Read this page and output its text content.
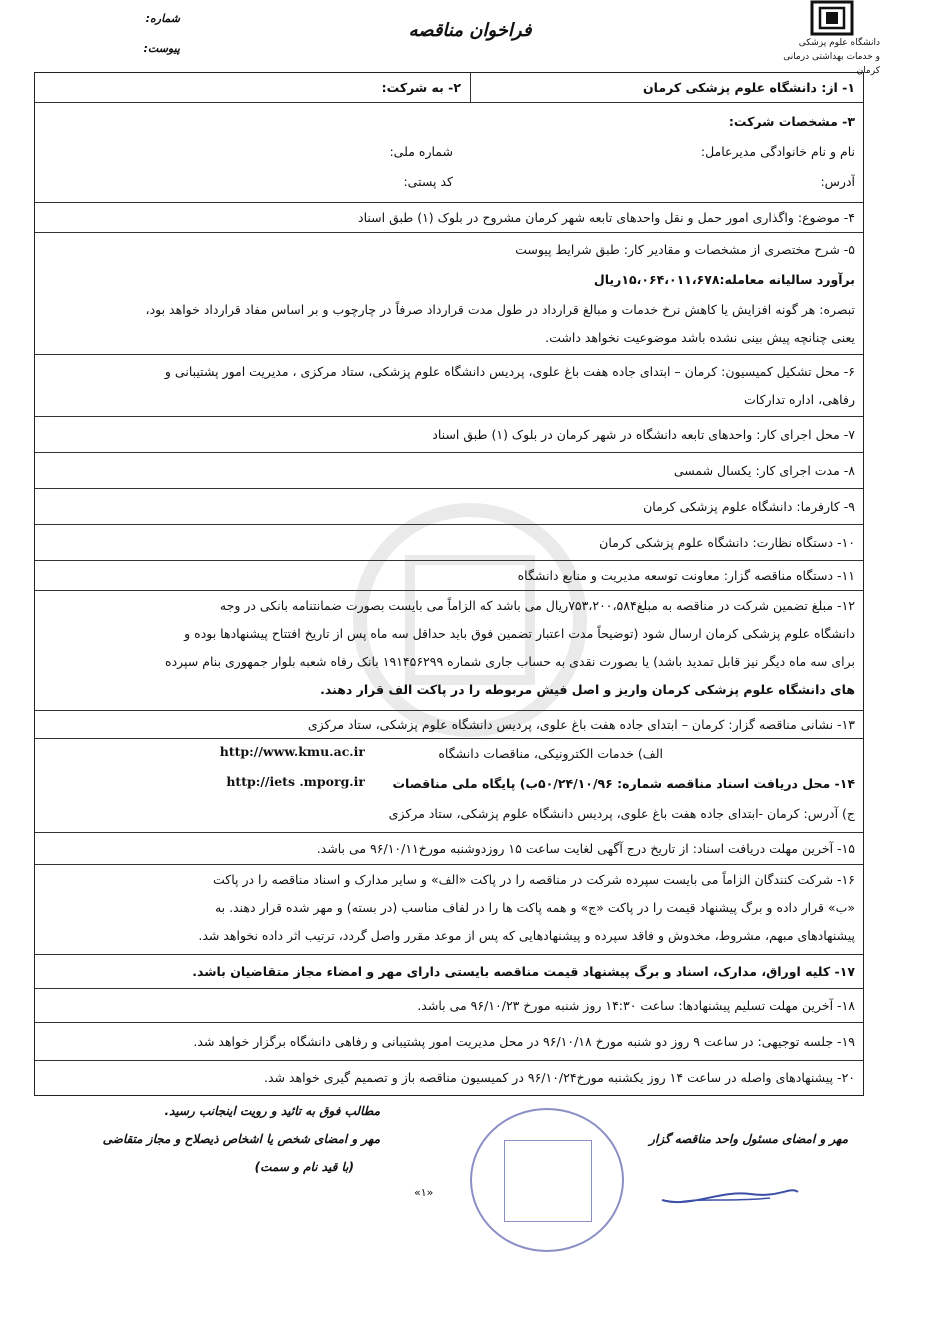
شماره:
پیوست:
فراخوان مناقصه
دانشگاه علوم پزشکی
و خدمات بهداشتی درمانی کرمان
۱- از: دانشگاه علوم پزشکی کرمان
۲- به شرکت:
۳- مشخصات شرکت:
نام و نام خانوادگی مدیرعامل:
شماره ملی:
آدرس:
کد پستی:
۴- موضوع: واگذاری امور حمل و نقل واحدهای تابعه شهر کرمان مشروح در بلوک (۱) طبق اسناد
۵- شرح مختصری از مشخصات و مقادیر کار: طبق شرایط پیوست
برآورد سالیانه معامله:۱۵،۰۶۴،۰۱۱،۶۷۸ریال
تبصره: هر گونه افزایش یا کاهش نرخ خدمات و مبالغ قرارداد در طول مدت قرارداد صرفاً در چارچوب و بر اساس مفاد قرارداد خواهد بود،
یعنی چنانچه پیش بینی نشده باشد موضوعیت نخواهد داشت.
۶- محل تشکیل کمیسیون: کرمان – ابتدای جاده هفت باغ علوی، پردیس دانشگاه علوم پزشکی، ستاد مرکزی ، مدیریت امور پشتیبانی و
رفاهی، اداره تدارکات
۷- محل اجرای کار: واحدهای تابعه دانشگاه در شهر کرمان در بلوک (۱) طبق اسناد
۸- مدت اجرای کار: یکسال شمسی
۹- کارفرما: دانشگاه علوم پزشکی کرمان
۱۰- دستگاه نظارت: دانشگاه علوم پزشکی کرمان
۱۱- دستگاه مناقصه گزار: معاونت توسعه مدیریت و منابع دانشگاه
۱۲- مبلغ تضمین شرکت در مناقصه به مبلغ۷۵۳،۲۰۰،۵۸۴ریال می باشد که الزاماً می بایست بصورت ضمانتنامه بانکی در وجه
دانشگاه علوم پزشکی کرمان ارسال شود (توضیحاً مدت اعتبار تضمین فوق باید حداقل سه ماه پس از تاریخ افتتاح پیشنهادها بوده و
برای سه ماه دیگر نیز قابل تمدید باشد) یا بصورت نقدی به حساب جاری شماره ۱۹۱۴۵۶۲۹۹ بانک رفاه شعبه بلوار جمهوری بنام سپرده
های دانشگاه علوم پزشکی کرمان واریز و اصل فیش مربوطه را در پاکت الف قرار دهند.
۱۳- نشانی مناقصه گزار: کرمان – ابتدای جاده هفت باغ علوی، پردیس دانشگاه علوم پزشکی، ستاد مرکزی
الف) خدمات الکترونیکی، مناقصات دانشگاه
http://www.kmu.ac.ir
۱۴- محل دریافت اسناد مناقصه شماره: ۵۰/۲۴/۱۰/۹۶ب) پایگاه ملی مناقصات
http://iets .mporg.ir
ج) آدرس: کرمان -ابتدای جاده هفت باغ علوی، پردیس دانشگاه علوم پزشکی، ستاد مرکزی
۱۵- آخرین مهلت دریافت اسناد: از تاریخ درج آگهی لغایت ساعت ۱۵ روزدوشنبه مورخ۹۶/۱۰/۱۱ می باشد.
۱۶- شرکت کنندگان الزاماً می بایست سپرده شرکت در مناقصه را در پاکت «الف» و سایر مدارک و اسناد مناقصه را در پاکت
«ب» قرار داده و برگ پیشنهاد قیمت را در پاکت «ج» و همه پاکت ها را در لفاف مناسب (در بسته) و مهر شده قرار دهند. به
پیشنهادهای مبهم، مشروط، مخدوش و فاقد سپرده و پیشنهادهایی که پس از موعد مقرر واصل گردد، ترتیب اثر داده نخواهد شد.
۱۷- کلیه اوراق، مدارک، اسناد و برگ پیشنهاد قیمت مناقصه بایستی دارای مهر و امضاء مجاز متقاضیان باشد.
۱۸- آخرین مهلت تسلیم پیشنهادها: ساعت ۱۴:۳۰ روز شنبه مورخ ۹۶/۱۰/۲۳ می باشد.
۱۹- جلسه توجیهی: در ساعت ۹ روز دو شنبه مورخ ۹۶/۱۰/۱۸ در محل مدیریت امور پشتیبانی و رفاهی دانشگاه برگزار خواهد شد.
۲۰- پیشنهادهای واصله در ساعت ۱۴ روز یکشنبه مورخ۹۶/۱۰/۲۴ در کمیسیون مناقصه باز و تصمیم گیری خواهد شد.
مهر و امضای مسئول واحد مناقصه گزار
مطالب فوق به تائید و رویت اینجانب رسید.
مهر و امضای شخص یا اشخاص ذیصلاح و مجاز متقاضی
(با قید نام و سمت)
«۱»
